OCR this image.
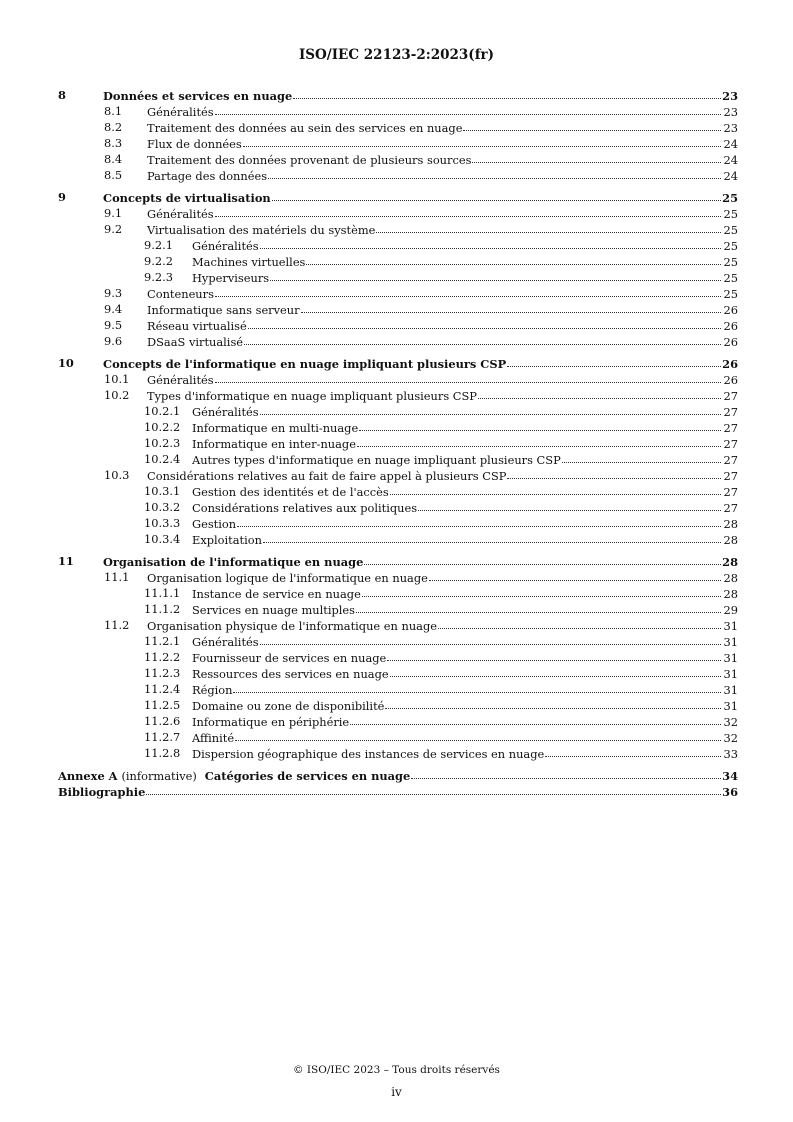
ISO/IEC 22123-2:2023(fr)
8	Données et services en nuage	23
8.1 Généralités	23
8.2 Traitement des données au sein des services en nuage	23
8.3 Flux de données	24
8.4 Traitement des données provenant de plusieurs sources	24
8.5 Partage des données	24
9	Concepts de virtualisation	25
9.1 Généralités	25
9.2 Virtualisation des matériels du système	25
9.2.1 Généralités	25
9.2.2 Machines virtuelles	25
9.2.3 Hyperviseurs	25
9.3 Conteneurs	25
9.4 Informatique sans serveur	26
9.5 Réseau virtualisé	26
9.6 DSaaS virtualisé	26
10	Concepts de l'informatique en nuage impliquant plusieurs CSP	26
10.1 Généralités	26
10.2 Types d'informatique en nuage impliquant plusieurs CSP	27
10.2.1 Généralités	27
10.2.2 Informatique en multi-nuage	27
10.2.3 Informatique en inter-nuage	27
10.2.4 Autres types d'informatique en nuage impliquant plusieurs CSP	27
10.3 Considérations relatives au fait de faire appel à plusieurs CSP	27
10.3.1 Gestion des identités et de l'accès	27
10.3.2 Considérations relatives aux politiques	27
10.3.3 Gestion	28
10.3.4 Exploitation	28
11	Organisation de l'informatique en nuage	28
11.1 Organisation logique de l'informatique en nuage	28
11.1.1 Instance de service en nuage	28
11.1.2 Services en nuage multiples	29
11.2 Organisation physique de l'informatique en nuage	31
11.2.1 Généralités	31
11.2.2 Fournisseur de services en nuage	31
11.2.3 Ressources des services en nuage	31
11.2.4 Région	31
11.2.5 Domaine ou zone de disponibilité	31
11.2.6 Informatique en périphérie	32
11.2.7 Affinité	32
11.2.8 Dispersion géographique des instances de services en nuage	33
Annexe A (informative) Catégories de services en nuage	34
Bibliographie	36
© ISO/IEC 2023 – Tous droits réservés
iv
